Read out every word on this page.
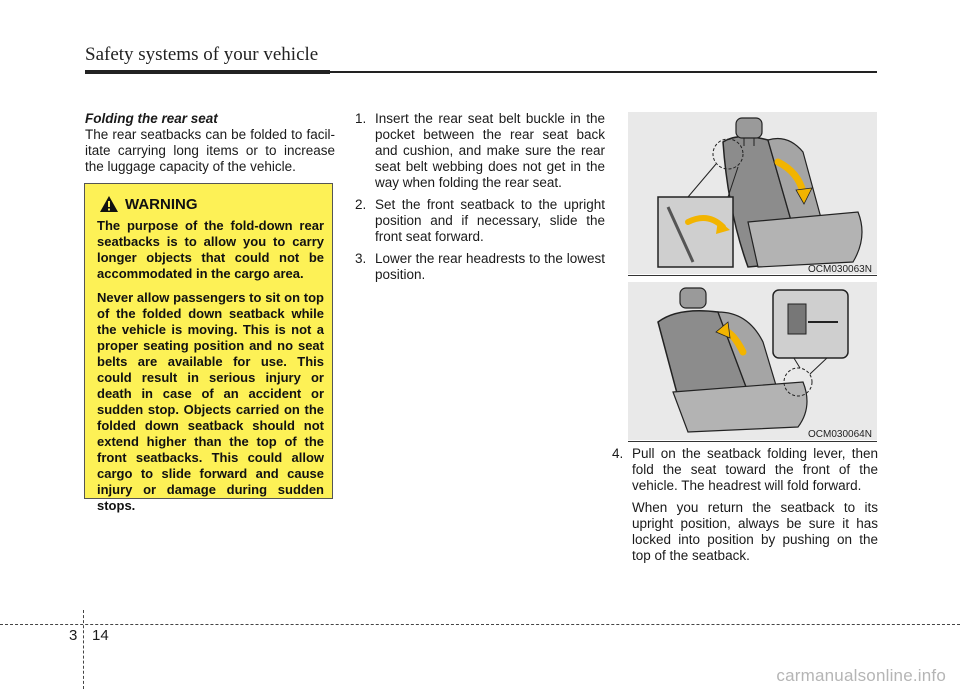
Safety systems of your vehicle
Folding the rear seat
The rear seatbacks can be folded to facil-itate carrying long items or to increase the luggage capacity of the vehicle.
WARNING

The purpose of the fold-down rear seatbacks is to allow you to carry longer objects that could not be accommodated in the cargo area.

Never allow passengers to sit on top of the folded down seatback while the vehicle is moving. This is not a proper seating position and no seat belts are available for use. This could result in serious injury or death in case of an accident or sudden stop. Objects carried on the folded down seatback should not extend higher than the top of the front seatbacks. This could allow cargo to slide forward and cause injury or damage during sudden stops.

1. Insert the rear seat belt buckle in the pocket between the rear seat back and cushion, and make sure the rear seat belt webbing does not get in the way when folding the rear seat.
2. Set the front seatback to the upright position and if necessary, slide the front seat forward.
3. Lower the rear headrests to the lowest position.	OCM030063N
OCM030064N
4. Pull on the seatback folding lever, then fold the seat toward the front of the vehicle. The headrest will fold forward.

When you return the seatback to its upright position, always be sure it has locked into position by pushing on the top of the seatback.

3 14
carmanualsonline.info
